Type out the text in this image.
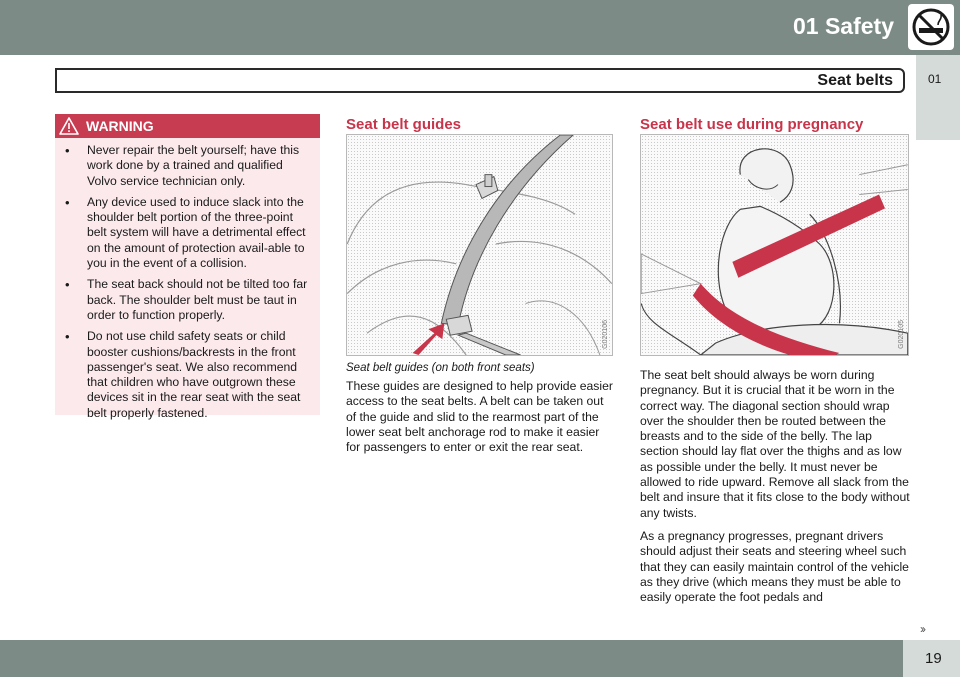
01 Safety
Seat belts	01
WARNING
• Never repair the belt yourself; have this work done by a trained and qualified Volvo service technician only.
• Any device used to induce slack into the shoulder belt portion of the three-point belt system will have a detrimental effect on the amount of protection avail-able to you in the event of a collision.
• The seat back should not be tilted too far back. The shoulder belt must be taut in order to function properly.
• Do not use child safety seats or child booster cushions/backrests in the front passenger's seat. We also recommend that children who have outgrown these devices sit in the rear seat with the seat belt properly fastened.
Seat belt guides
G020106
Seat belt guides (on both front seats)

These guides are designed to help provide easier access to the seat belts. A belt can be taken out of the guide and slid to the rearmost part of the lower seat belt anchorage rod to make it easier for passengers to enter or exit the rear seat.

Seat belt use during pregnancy
G020105

The seat belt should always be worn during pregnancy. But it is crucial that it be worn in the correct way. The diagonal section should wrap over the shoulder then be routed between the breasts and to the side of the belly. The lap section should lay flat over the thighs and as low as possible under the belly. It must never be allowed to ride upward. Remove all slack from the belt and insure that it fits close to the body without any twists.

As a pregnancy progresses, pregnant drivers should adjust their seats and steering wheel such that they can easily maintain control of the vehicle as they drive (which means they must be able to easily operate the foot pedals and

››
19
